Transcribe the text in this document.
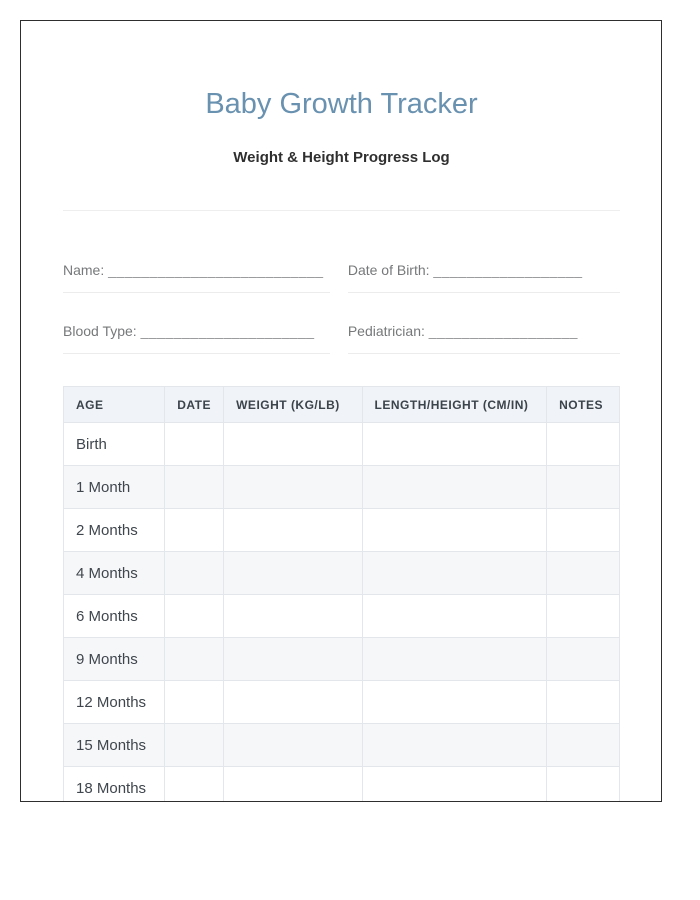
Baby Growth Tracker
Weight & Height Progress Log
Name: __________________________	Date of Birth: __________________
Blood Type: _____________________	Pediatrician: __________________
AGE	DATE	WEIGHT (KG/LB)	LENGTH/HEIGHT (CM/IN)	NOTES
Birth				
1 Month				
2 Months				
4 Months				
6 Months				
9 Months				
12 Months				
15 Months				
18 Months				
